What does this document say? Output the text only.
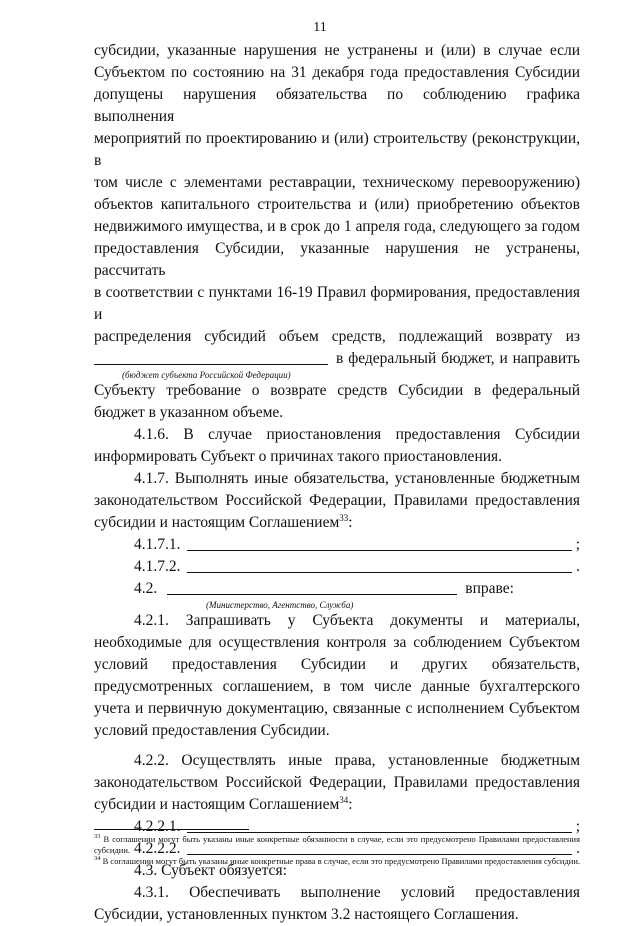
11

субсидии, указанные нарушения не устранены и (или) в случае если

Субъектом по состоянию на 31 декабря года предоставления Субсидии

допущены нарушения обязательства по соблюдению графика выполнения

мероприятий по проектированию и (или) строительству (реконструкции, в

том числе с элементами реставрации, техническому перевооружению)

объектов капитального строительства и (или) приобретению объектов

недвижимого имущества, и в срок до 1 апреля года, следующего за годом

предоставления Субсидии, указанные нарушения не устранены, рассчитать

в соответствии с пунктами 16-19 Правил формирования, предоставления и

распределения субсидий объем средств, подлежащий возврату из

в федеральный бюджет, и направить
(бюджет субъекта Российской Федерации)

Субъекту требование о возврате средств Субсидии в федеральный бюджет в указанном объеме.

4.1.6. В случае приостановления предоставления Субсидии информировать Субъект о причинах такого приостановления.

4.1.7. Выполнять иные обязательства, установленные бюджетным законодательством Российской Федерации, Правилами предоставления субсидии и настоящим Соглашением$^{33}$:

4.1.7.1.	;
4.1.7.2.	.
4.2.	вправе:
(Министерство, Агентство, Служба)

4.2.1. Запрашивать у Субъекта документы и материалы, необходимые для осуществления контроля за соблюдением Субъектом условий предоставления Субсидии и других обязательств, предусмотренных соглашением, в том числе данные бухгалтерского учета и первичную документацию, связанные с исполнением Субъектом условий предоставления Субсидии.

4.2.2. Осуществлять иные права, установленные бюджетным законодательством Российской Федерации, Правилами предоставления субсидии и настоящим Соглашением$^{34}$:

4.2.2.1.	;
4.2.2.2.	.

4.3. Субъект обязуется:

4.3.1. Обеспечивать выполнение условий предоставления Субсидии, установленных пунктом 3.2 настоящего Соглашения.

$^{33}$ В соглашении могут быть указаны иные конкретные обязанности в случае, если это предусмотрено Правилами предоставления субсидии.
$^{34}$ В соглашении могут быть указаны иные конкретные права в случае, если это предусмотрено Правилами предоставления субсидии.
